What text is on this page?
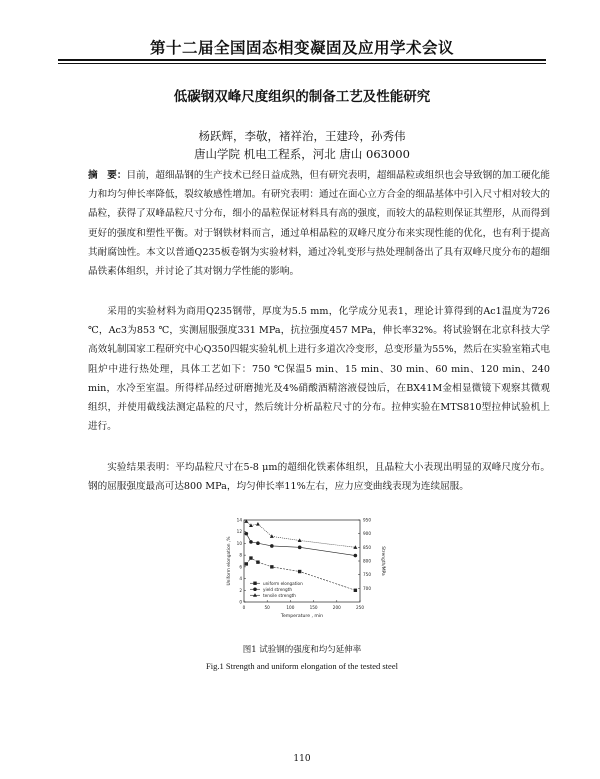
第十二届全国固态相变凝固及应用学术会议
低碳钢双峰尺度组织的制备工艺及性能研究
杨跃辉，李敬，褚祥治，王建玲，孙秀伟
唐山学院 机电工程系，河北 唐山 063000

摘　要：目前，超细晶钢的生产技术已经日益成熟，但有研究表明，超细晶粒或组织也会导致钢的加工硬化能力和均匀伸长率降低，裂纹敏感性增加。有研究表明：通过在面心立方合金的细晶基体中引入尺寸相对较大的晶粒，获得了双峰晶粒尺寸分布，细小的晶粒保证材料具有高的强度，而较大的晶粒则保证其塑形，从而得到更好的强度和塑性平衡。对于钢铁材料而言，通过单相晶粒的双峰尺度分布来实现性能的优化，也有利于提高其耐腐蚀性。本文以普通Q235板卷钢为实验材料，通过冷轧变形与热处理制备出了具有双峰尺度分布的超细晶铁素体组织，并讨论了其对钢力学性能的影响。

采用的实验材料为商用Q235钢带，厚度为5.5 mm，化学成分见表1，理论计算得到的Ac1温度为726 ℃，Ac3为853 ℃，实测屈服强度331 MPa，抗拉强度457 MPa，伸长率32%。将试验钢在北京科技大学高效轧制国家工程研究中心Q350四辊实验轧机上进行多道次冷变形，总变形量为55%，然后在实验室箱式电阻炉中进行热处理，具体工艺如下：750 ℃保温5 min、15 min、30 min、60 min、120 min、240 min，水冷至室温。所得样品经过研磨抛光及4%硝酸酒精溶液侵蚀后，在BX41M金相显微镜下观察其微观组织，并使用截线法测定晶粒的尺寸，然后统计分析晶粒尺寸的分布。拉伸实验在MTS810型拉伸试验机上进行。

实验结果表明：平均晶粒尺寸在5-8 μm的超细化铁素体组织，且晶粒大小表现出明显的双峰尺度分布。钢的屈服强度最高可达800 MPa，均匀伸长率11%左右，应力应变曲线表现为连续屈服。

0	50	100	150	200	250
0
2
4
6
8
10
12
14
700
750
800
850
900
950
Temperature , min
Uniform elongation ,%	Strength/MPa
uniform elongation
yield strength
tensile strength
图1 试验钢的强度和均匀延伸率
Fig.1 Strength and uniform elongation of the tested steel
110
